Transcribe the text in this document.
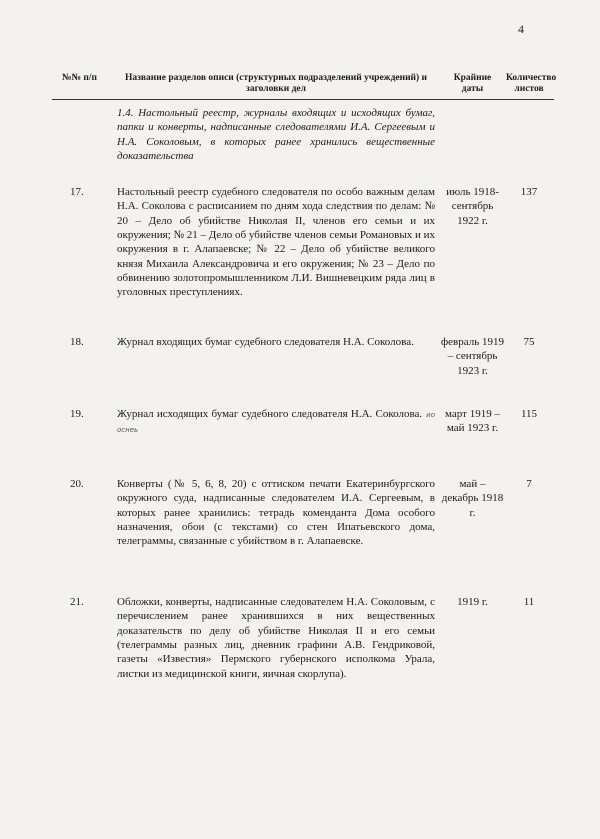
4
№№ п/п	Название разделов описи (структурных подразделений учреждений) и заголовки дел	Крайние даты	Количество листов

	1.4. Настольный реестр, журналы входящих и исходящих бумаг, папки и конверты, надписанные следователями И.А. Сергеевым и Н.А. Соколовым, в которых ранее хранились вещественные доказательства		

17.	Настольный реестр судебного следователя по особо важным делам Н.А. Соколова с расписанием по дням хода следствия по делам: № 20 – Дело об убийстве Николая II, членов его семьи и их окружения; № 21 – Дело об убийстве членов семьи Романовых и их окружения в г. Алапаевске; № 22 – Дело об убийстве великого князя Михаила Александровича и его окружения; № 23 – Дело по обвинению золотопромышленником Л.И. Вишневецким ряда лиц в уголовных преступлениях.	июль 1918- сентябрь 1922 г.	137
18.	Журнал входящих бумаг судебного следователя Н.А. Соколова.	февраль 1919 – сентябрь 1923 г.	75
19.	Журнал исходящих бумаг судебного следователя Н.А. Соколова. ио оснеь	март 1919 – май 1923 г.	115
20.	Конверты (№ 5, 6, 8, 20) с оттиском печати Екатеринбургского окружного суда, надписанные следователем И.А. Сергеевым, в которых ранее хранились: тетрадь коменданта Дома особого назначения, обои (с текстами) со стен Ипатьевского дома, телеграммы, связанные с убийством в г. Алапаевске.	май – декабрь 1918 г.	7
21.	Обложки, конверты, надписанные следователем Н.А. Соколовым, с перечислением ранее хранившихся в них вещественных доказательств по делу об убийстве Николая II и его семьи (телеграммы разных лиц, дневник графини А.В. Гендриковой, газеты «Известия» Пермского губернского исполкома Урала, листки из медицинской книги, яичная скорлупа).	1919 г.	11
